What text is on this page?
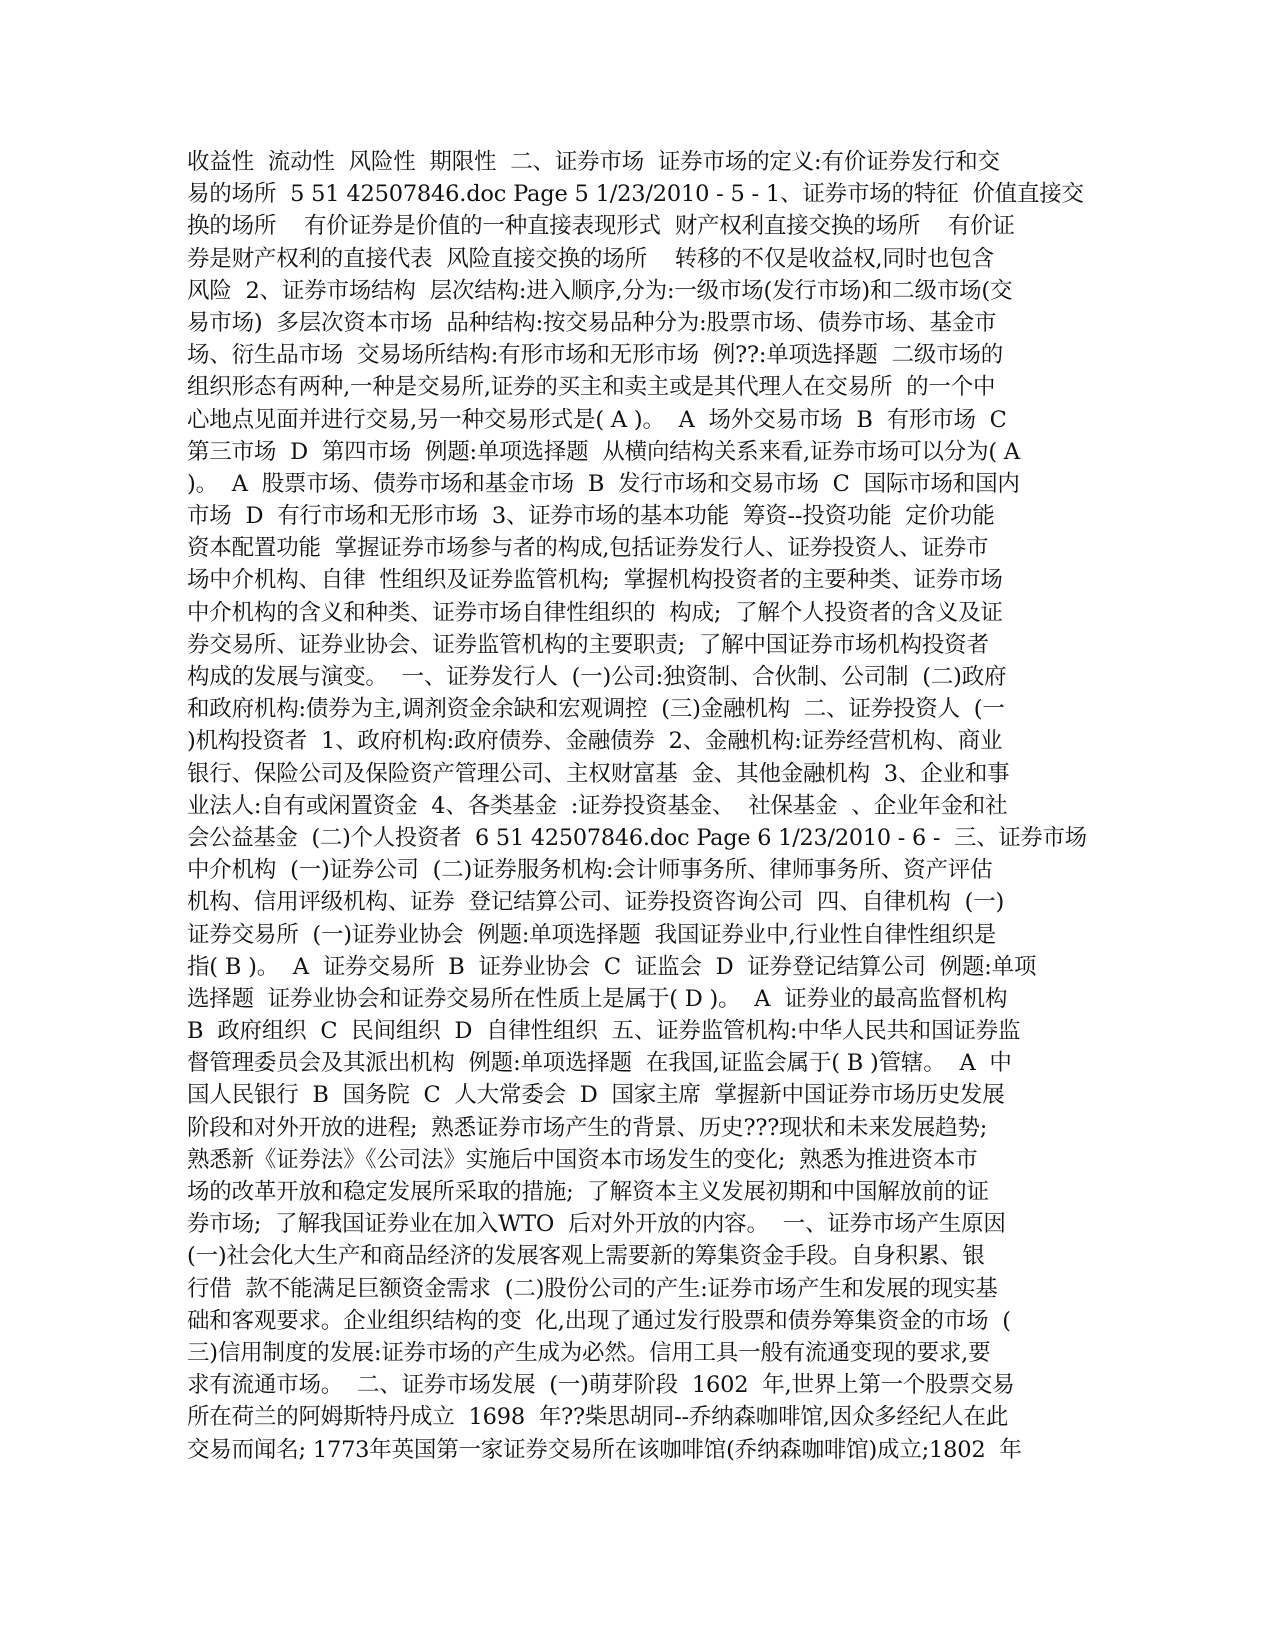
收益性  流动性  风险性  期限性  二、证券市场  证券市场的定义:有价证券发行和交
易的场所  5 51 42507846.doc Page 5 1/23/2010 - 5 - 1、证券市场的特征  价值直接交
换的场所    有价证券是价值的一种直接表现形式  财产权利直接交换的场所    有价证
券是财产权利的直接代表  风险直接交换的场所    转移的不仅是收益权,同时也包含
风险  2、证券市场结构  层次结构:进入顺序,分为:一级市场(发行市场)和二级市场(交
易市场)  多层次资本市场  品种结构:按交易品种分为:股票市场、债券市场、基金市
场、衍生品市场  交易场所结构:有形市场和无形市场  例??:单项选择题  二级市场的
组织形态有两种,一种是交易所,证券的买主和卖主或是其代理人在交易所  的一个中
心地点见面并进行交易,另一种交易形式是( A )。  A  场外交易市场  B  有形市场  C
第三市场  D  第四市场  例题:单项选择题  从横向结构关系来看,证券市场可以分为( A
)。  A  股票市场、债券市场和基金市场  B  发行市场和交易市场  C  国际市场和国内
市场  D  有行市场和无形市场  3、证券市场的基本功能  筹资--投资功能  定价功能
资本配置功能  掌握证券市场参与者的构成,包括证券发行人、证券投资人、证券市
场中介机构、自律  性组织及证券监管机构;  掌握机构投资者的主要种类、证券市场
中介机构的含义和种类、证券市场自律性组织的  构成;  了解个人投资者的含义及证
券交易所、证券业协会、证券监管机构的主要职责;  了解中国证券市场机构投资者
构成的发展与演变。  一、证券发行人  (一)公司:独资制、合伙制、公司制  (二)政府
和政府机构:债券为主,调剂资金余缺和宏观调控  (三)金融机构  二、证券投资人  (一
)机构投资者  1、政府机构:政府债券、金融债券  2、金融机构:证券经营机构、商业
银行、保险公司及保险资产管理公司、主权财富基  金、其他金融机构  3、企业和事
业法人:自有或闲置资金  4、各类基金  :证券投资基金、  社保基金  、企业年金和社
会公益基金  (二)个人投资者  6 51 42507846.doc Page 6 1/23/2010 - 6 -  三、证券市场
中介机构  (一)证券公司  (二)证券服务机构:会计师事务所、律师事务所、资产评估
机构、信用评级机构、证券  登记结算公司、证券投资咨询公司  四、自律机构  (一)
证券交易所  (一)证券业协会  例题:单项选择题  我国证券业中,行业性自律性组织是
指( B )。  A  证券交易所  B  证券业协会  C  证监会  D  证券登记结算公司  例题:单项
选择题  证券业协会和证券交易所在性质上是属于( D )。  A  证券业的最高监督机构
B  政府组织  C  民间组织  D  自律性组织  五、证券监管机构:中华人民共和国证券监
督管理委员会及其派出机构  例题:单项选择题  在我国,证监会属于( B )管辖。  A  中
国人民银行  B  国务院  C  人大常委会  D  国家主席  掌握新中国证券市场历史发展
阶段和对外开放的进程;  熟悉证券市场产生的背景、历史???现状和未来发展趋势;
熟悉新《证券法》《公司法》实施后中国资本市场发生的变化;  熟悉为推进资本市
场的改革开放和稳定发展所采取的措施;  了解资本主义发展初期和中国解放前的证
券市场;  了解我国证券业在加入WTO  后对外开放的内容。  一、证券市场产生原因
(一)社会化大生产和商品经济的发展客观上需要新的筹集资金手段。自身积累、银
行借  款不能满足巨额资金需求  (二)股份公司的产生:证券市场产生和发展的现实基
础和客观要求。企业组织结构的变  化,出现了通过发行股票和债券筹集资金的市场  (
三)信用制度的发展:证券市场的产生成为必然。信用工具一般有流通变现的要求,要
求有流通市场。  二、证券市场发展  (一)萌芽阶段  1602  年,世界上第一个股票交易
所在荷兰的阿姆斯特丹成立  1698  年??柴思胡同--乔纳森咖啡馆,因众多经纪人在此
交易而闻名; 1773年英国第一家证券交易所在该咖啡馆(乔纳森咖啡馆)成立;1802  年
